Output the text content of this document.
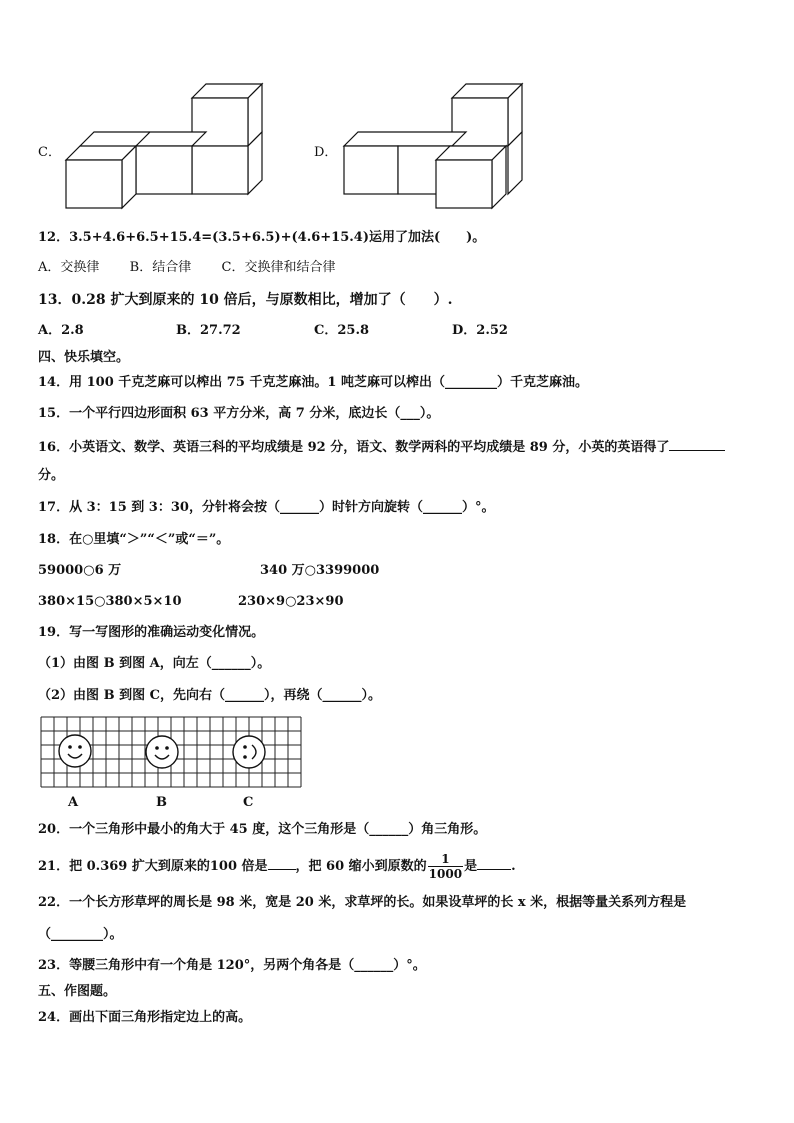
C．	D．
12．3.5+4.6+6.5+15.4=(3.5+6.5)+(4.6+15.4)运用了加法(　　)。
A．交换律 B．结合律 C．交换律和结合律
13．0.28 扩大到原来的 10 倍后，与原数相比，增加了（　　）.
A．2.8	B．27.72	C．25.8	D．2.52
四、快乐填空。
14．用 100 千克芝麻可以榨出 75 千克芝麻油。1 吨芝麻可以榨出（________）千克芝麻油。
15．一个平行四边形面积 63 平方分米，高 7 分米，底边长（___）。
16．小英语文、数学、英语三科的平均成绩是 92 分，语文、数学两科的平均成绩是 89 分，小英的英语得了
分。
17．从 3：15 到 3：30，分针将会按（______）时针方向旋转（______）°。
18．在○里填“＞”“＜”或“＝”。
59000○6 万	340 万○3399000
380×15○380×5×10	230×9○23×90
19．写一写图形的准确运动变化情况。
（1）由图 B 到图 A，向左（______）。
（2）由图 B 到图 C，先向右（______），再绕（______）。
A	B	C
20．一个三角形中最小的角大于 45 度，这个三角形是（______）角三角形。
21．把 0.369 扩大到原来的100 倍是 ，把 60 缩小到原数的 $\frac{1}{1000}$ 是	.
22．一个长方形草坪的周长是 98 米，宽是 20 米，求草坪的长。如果设草坪的长 x 米，根据等量关系列方程是
（________）。
23．等腰三角形中有一个角是 120°，另两个角各是（______）°。
五、作图题。
24．画出下面三角形指定边上的高。
